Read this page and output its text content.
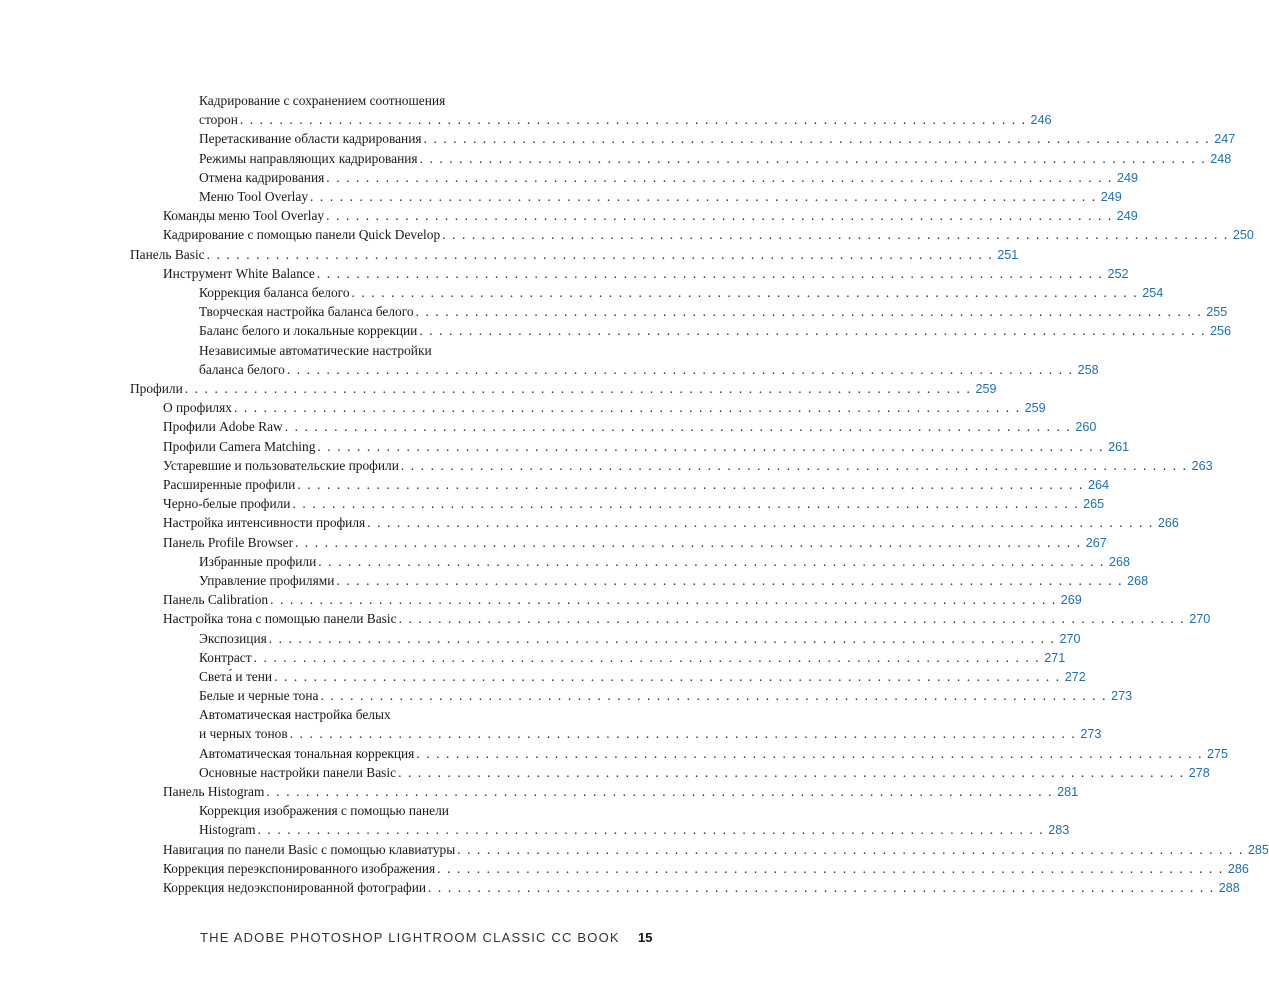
Кадрирование с сохранением соотношения
сторон . . . . . . . . . . . . . . . . . . . . . . . . . . . . . . . . . . . . . . . . . . . . . . . . . . . . . . . . . . . . . . . . . . . . . . . . . . . . . . . . 246
Перетаскивание области кадрирования . . . . . . . . . . . . . . . . . . . . . . . . . . . . . . . . . . . . . . . . . . . . . . . . . . . . . . . . . . . . . . . . . . . . . . . . . . . . . . . . 247
Режимы направляющих кадрирования . . . . . . . . . . . . . . . . . . . . . . . . . . . . . . . . . . . . . . . . . . . . . . . . . . . . . . . . . . . . . . . . . . . . . . . . . . . . . . . . 248
Отмена кадрирования . . . . . . . . . . . . . . . . . . . . . . . . . . . . . . . . . . . . . . . . . . . . . . . . . . . . . . . . . . . . . . . . . . . . . . . . . . . . . . . . 249
Меню Tool Overlay . . . . . . . . . . . . . . . . . . . . . . . . . . . . . . . . . . . . . . . . . . . . . . . . . . . . . . . . . . . . . . . . . . . . . . . . . . . . . . . . 249
Команды меню Tool Overlay . . . . . . . . . . . . . . . . . . . . . . . . . . . . . . . . . . . . . . . . . . . . . . . . . . . . . . . . . . . . . . . . . . . . . . . . . . . . . . . . 249
Кадрирование с помощью панели Quick Develop . . . . . . . . . . . . . . . . . . . . . . . . . . . . . . . . . . . . . . . . . . . . . . . . . . . . . . . . . . . . . . . . . . . . . . . . . . . . . . . . 250
Панель Basic . . . . . . . . . . . . . . . . . . . . . . . . . . . . . . . . . . . . . . . . . . . . . . . . . . . . . . . . . . . . . . . . . . . . . . . . . . . . . . . . 251
Инструмент White Balance . . . . . . . . . . . . . . . . . . . . . . . . . . . . . . . . . . . . . . . . . . . . . . . . . . . . . . . . . . . . . . . . . . . . . . . . . . . . . . . . 252
Коррекция баланса белого . . . . . . . . . . . . . . . . . . . . . . . . . . . . . . . . . . . . . . . . . . . . . . . . . . . . . . . . . . . . . . . . . . . . . . . . . . . . . . . . 254
Творческая настройка баланса белого . . . . . . . . . . . . . . . . . . . . . . . . . . . . . . . . . . . . . . . . . . . . . . . . . . . . . . . . . . . . . . . . . . . . . . . . . . . . . . . . 255
Баланс белого и локальные коррекции . . . . . . . . . . . . . . . . . . . . . . . . . . . . . . . . . . . . . . . . . . . . . . . . . . . . . . . . . . . . . . . . . . . . . . . . . . . . . . . . 256
Независимые автоматические настройки
баланса белого . . . . . . . . . . . . . . . . . . . . . . . . . . . . . . . . . . . . . . . . . . . . . . . . . . . . . . . . . . . . . . . . . . . . . . . . . . . . . . . . 258
Профили . . . . . . . . . . . . . . . . . . . . . . . . . . . . . . . . . . . . . . . . . . . . . . . . . . . . . . . . . . . . . . . . . . . . . . . . . . . . . . . . 259
О профилях . . . . . . . . . . . . . . . . . . . . . . . . . . . . . . . . . . . . . . . . . . . . . . . . . . . . . . . . . . . . . . . . . . . . . . . . . . . . . . . . 259
Профили Adobe Raw . . . . . . . . . . . . . . . . . . . . . . . . . . . . . . . . . . . . . . . . . . . . . . . . . . . . . . . . . . . . . . . . . . . . . . . . . . . . . . . . 260
Профили Camera Matching . . . . . . . . . . . . . . . . . . . . . . . . . . . . . . . . . . . . . . . . . . . . . . . . . . . . . . . . . . . . . . . . . . . . . . . . . . . . . . . . 261
Устаревшие и пользовательские профили . . . . . . . . . . . . . . . . . . . . . . . . . . . . . . . . . . . . . . . . . . . . . . . . . . . . . . . . . . . . . . . . . . . . . . . . . . . . . . . . 263
Расширенные профили . . . . . . . . . . . . . . . . . . . . . . . . . . . . . . . . . . . . . . . . . . . . . . . . . . . . . . . . . . . . . . . . . . . . . . . . . . . . . . . . 264
Черно-белые профили . . . . . . . . . . . . . . . . . . . . . . . . . . . . . . . . . . . . . . . . . . . . . . . . . . . . . . . . . . . . . . . . . . . . . . . . . . . . . . . . 265
Настройка интенсивности профиля . . . . . . . . . . . . . . . . . . . . . . . . . . . . . . . . . . . . . . . . . . . . . . . . . . . . . . . . . . . . . . . . . . . . . . . . . . . . . . . . 266
Панель Profile Browser . . . . . . . . . . . . . . . . . . . . . . . . . . . . . . . . . . . . . . . . . . . . . . . . . . . . . . . . . . . . . . . . . . . . . . . . . . . . . . . . 267
Избранные профили . . . . . . . . . . . . . . . . . . . . . . . . . . . . . . . . . . . . . . . . . . . . . . . . . . . . . . . . . . . . . . . . . . . . . . . . . . . . . . . . 268
Управление профилями . . . . . . . . . . . . . . . . . . . . . . . . . . . . . . . . . . . . . . . . . . . . . . . . . . . . . . . . . . . . . . . . . . . . . . . . . . . . . . . . 268
Панель Calibration . . . . . . . . . . . . . . . . . . . . . . . . . . . . . . . . . . . . . . . . . . . . . . . . . . . . . . . . . . . . . . . . . . . . . . . . . . . . . . . . 269
Настройка тона с помощью панели Basic . . . . . . . . . . . . . . . . . . . . . . . . . . . . . . . . . . . . . . . . . . . . . . . . . . . . . . . . . . . . . . . . . . . . . . . . . . . . . . . . 270
Экспозиция . . . . . . . . . . . . . . . . . . . . . . . . . . . . . . . . . . . . . . . . . . . . . . . . . . . . . . . . . . . . . . . . . . . . . . . . . . . . . . . . 270
Контраст . . . . . . . . . . . . . . . . . . . . . . . . . . . . . . . . . . . . . . . . . . . . . . . . . . . . . . . . . . . . . . . . . . . . . . . . . . . . . . . . 271
Света́ и тени . . . . . . . . . . . . . . . . . . . . . . . . . . . . . . . . . . . . . . . . . . . . . . . . . . . . . . . . . . . . . . . . . . . . . . . . . . . . . . . . 272
Белые и черные тона . . . . . . . . . . . . . . . . . . . . . . . . . . . . . . . . . . . . . . . . . . . . . . . . . . . . . . . . . . . . . . . . . . . . . . . . . . . . . . . . 273
Автоматическая настройка белых
и черных тонов . . . . . . . . . . . . . . . . . . . . . . . . . . . . . . . . . . . . . . . . . . . . . . . . . . . . . . . . . . . . . . . . . . . . . . . . . . . . . . . . 273
Автоматическая тональная коррекция . . . . . . . . . . . . . . . . . . . . . . . . . . . . . . . . . . . . . . . . . . . . . . . . . . . . . . . . . . . . . . . . . . . . . . . . . . . . . . . . 275
Основные настройки панели Basic . . . . . . . . . . . . . . . . . . . . . . . . . . . . . . . . . . . . . . . . . . . . . . . . . . . . . . . . . . . . . . . . . . . . . . . . . . . . . . . . 278
Панель Histogram . . . . . . . . . . . . . . . . . . . . . . . . . . . . . . . . . . . . . . . . . . . . . . . . . . . . . . . . . . . . . . . . . . . . . . . . . . . . . . . . 281
Коррекция изображения с помощью панели
Histogram . . . . . . . . . . . . . . . . . . . . . . . . . . . . . . . . . . . . . . . . . . . . . . . . . . . . . . . . . . . . . . . . . . . . . . . . . . . . . . . . 283
Навигация по панели Basic с помощью клавиатуры . . . . . . . . . . . . . . . . . . . . . . . . . . . . . . . . . . . . . . . . . . . . . . . . . . . . . . . . . . . . . . . . . . . . . . . . . . . . . . . . 285
Коррекция переэкспонированного изображения . . . . . . . . . . . . . . . . . . . . . . . . . . . . . . . . . . . . . . . . . . . . . . . . . . . . . . . . . . . . . . . . . . . . . . . . . . . . . . . . 286
Коррекция недоэкспонированной фотографии . . . . . . . . . . . . . . . . . . . . . . . . . . . . . . . . . . . . . . . . . . . . . . . . . . . . . . . . . . . . . . . . . . . . . . . . . . . . . . . . 288
THE ADOBE PHOTOSHOP LIGHTROOM CLASSIC CC BOOK 15
